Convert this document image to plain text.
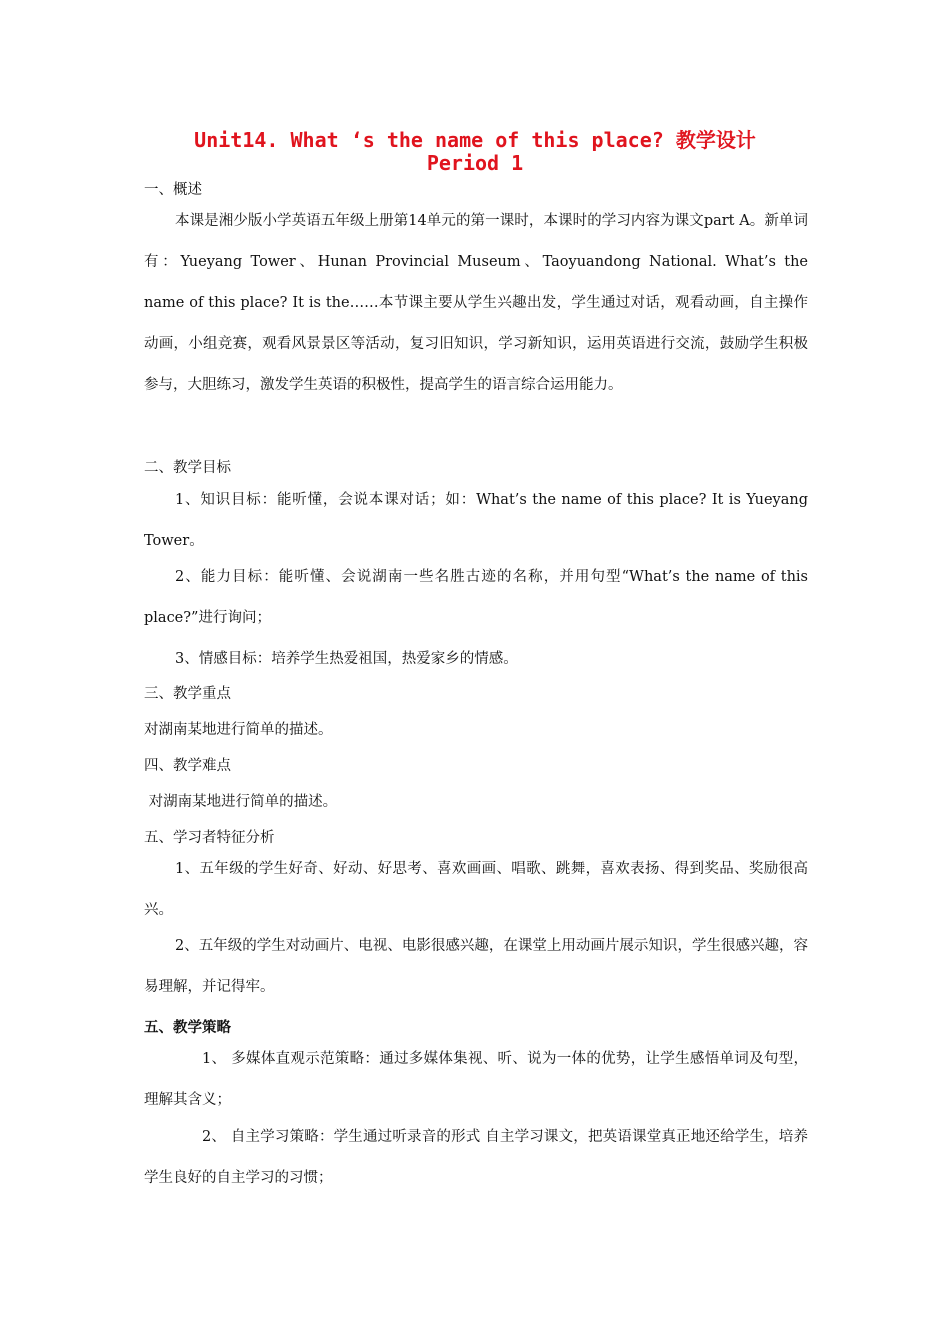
Unit14. What ‘s the name of this place? 教学设计
Period 1
一、概述
本课是湘少版小学英语五年级上册第14单元的第一课时，本课时的学习内容为课文part A。新单词有：Yueyang Tower、Hunan Provincial Museum、Taoyuandong National. What’s the name of this place? It is the……本节课主要从学生兴趣出发，学生通过对话，观看动画，自主操作动画，小组竞赛，观看风景景区等活动，复习旧知识，学习新知识，运用英语进行交流，鼓励学生积极参与，大胆练习，激发学生英语的积极性，提高学生的语言综合运用能力。
二、教学目标
1、知识目标：能听懂，会说本课对话；如：What’s the name of this place? It is Yueyang Tower。
2、能力目标：能听懂、会说湖南一些名胜古迹的名称，并用句型“What’s the name of this place?”进行询问；
3、情感目标：培养学生热爱祖国，热爱家乡的情感。
三、教学重点
对湖南某地进行简单的描述。
四、教学难点
对湖南某地进行简单的描述。
五、学习者特征分析
1、五年级的学生好奇、好动、好思考、喜欢画画、唱歌、跳舞，喜欢表扬、得到奖品、奖励很高兴。
2、五年级的学生对动画片、电视、电影很感兴趣，在课堂上用动画片展示知识，学生很感兴趣，容易理解，并记得牢。
五、教学策略
1、 多媒体直观示范策略：通过多媒体集视、听、说为一体的优势，让学生感悟单词及句型，理解其含义；
2、 自主学习策略：学生通过听录音的形式 自主学习课文，把英语课堂真正地还给学生，培养学生良好的自主学习的习惯；
